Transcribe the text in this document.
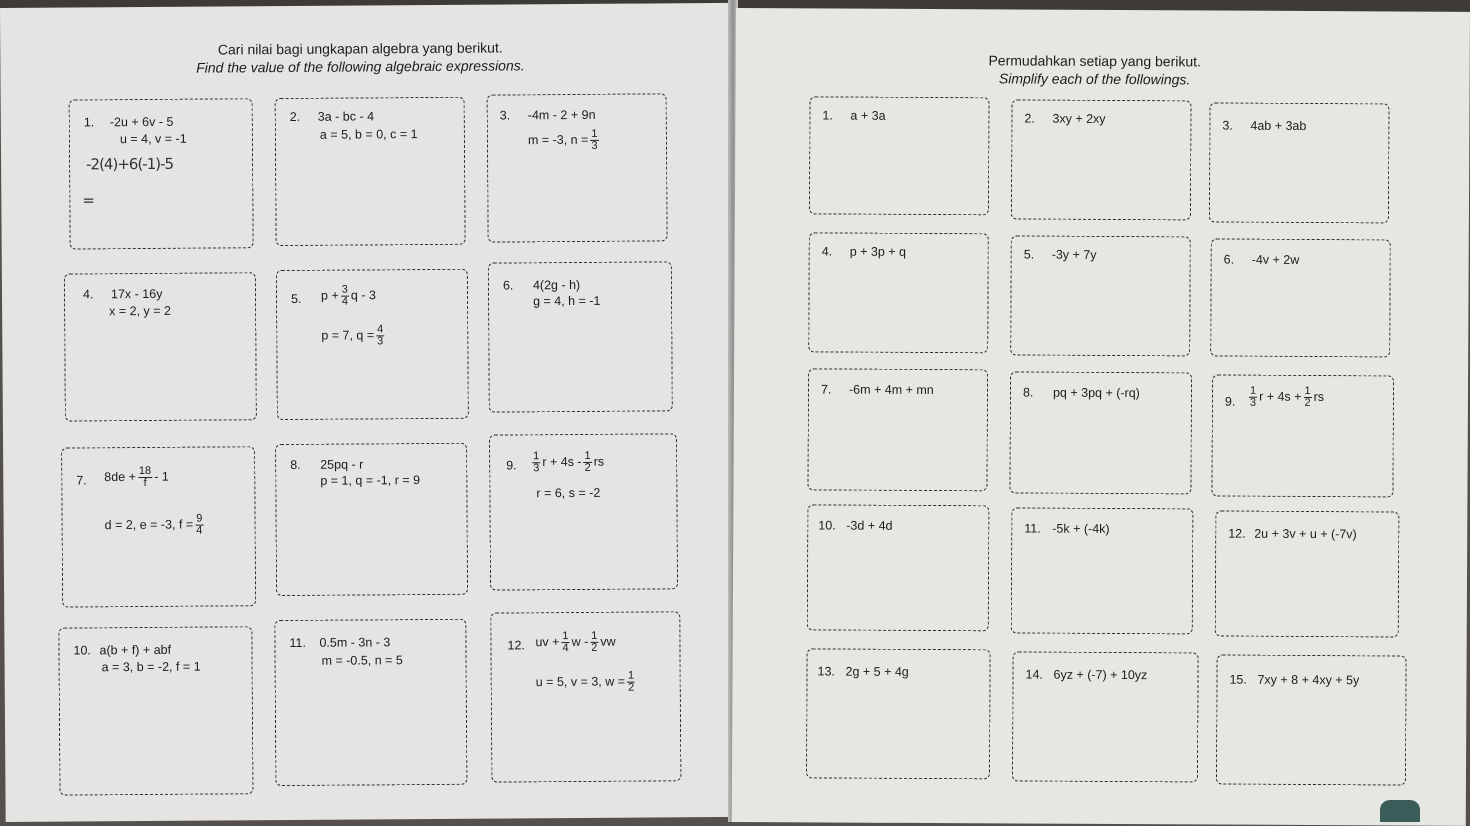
Cari nilai bagi ungkapan algebra yang berikut.
Find the value of the following algebraic expressions.
1. -2u + 6v - 5
u = 4, v = -1
-2(4)+6(-1)-5
=
2. 3a - bc - 4
a = 5, b = 0, c = 1
3. -4m - 2 + 9n
m = -3, $n = \frac{1}{3}$
4. 17x - 16y
x = 2, y = 2
5. $p + \frac{3}{4}$ q - 3
p = 7, $q = \frac{4}{3}$
6. 4(2g - h)
g = 4, h = -1
7. $8de + \frac{18}{f} - 1$
d = 2, e = -3, $f = \frac{9}{4}$
8. 25pq - r
p = 1, q = -1, r = 9
9. $\frac{1}{3}$ $r + 4s - \frac{1}{2}$ rs
r = 6, s = -2
10. a(b + f) + abf
a = 3, b = -2, f = 1
11. 0.5m - 3n - 3
m = -0.5, n = 5
12. uv + $\frac{1}{4}$ w - $\frac{1}{2}$ vw
u = 5, v = 3, $w = \frac{1}{2}$
Permudahkan setiap yang berikut.
Simplify each of the followings.
1. a + 3a	2. 3xy + 2xy	3. 4ab + 3ab
4. p + 3p + q	5. -3y + 7y	6. -4v + 2w
7. -6m + 4m + mn	8. pq + 3pq + (-rq)
9. $\frac{1}{3}$ $r + 4s + \frac{1}{2}$ rs
10. -3d + 4d	11. -5k + (-4k)	12. 2u + 3v + u + (-7v)
13. 2g + 5 + 4g	14. 6yz + (-7) + 10yz	15. 7xy + 8 + 4xy + 5y
